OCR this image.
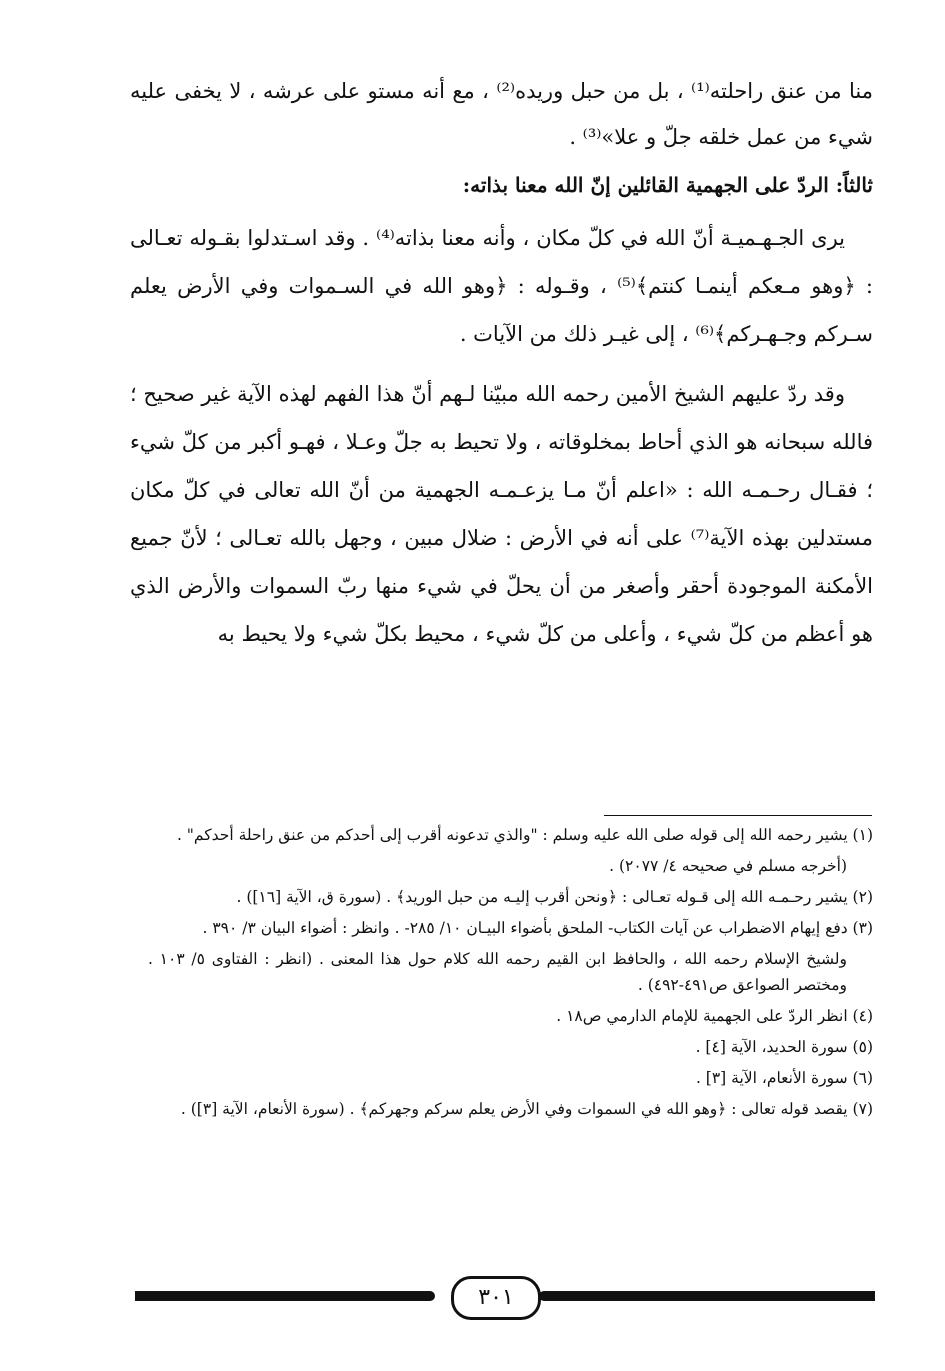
منا من عنق راحلته⁽¹⁾ ، بل من حبل وريده⁽²⁾ ، مع أنه مستو على عرشه ، لا يخفى عليه شيء من عمل خلقه جلّ و علا»⁽³⁾ .

ثالثاً: الردّ على الجهمية القائلين إنّ الله معنا بذاته:

يرى الجـهـميـة أنّ الله في كلّ مكان ، وأنه معنا بذاته⁽⁴⁾ . وقد اسـتدلوا بقـوله تعـالى : ﴿وهو مـعكم أينمـا كنتم﴾⁽⁵⁾ ، وقـوله : ﴿وهو الله في السـموات وفي الأرض يعلم سـركم وجـهـركم﴾⁽⁶⁾ ، إلى غيـر ذلك من الآيات .

وقد ردّ عليهم الشيخ الأمين رحمه الله مبيّنا لـهم أنّ هذا الفهم لهذه الآية غير صحيح ؛ فالله سبحانه هو الذي أحاط بمخلوقاته ، ولا تحيط به جلّ وعـلا ، فهـو أكبر من كلّ شيء ؛ فقـال رحـمـه الله : «اعلم أنّ مـا يزعـمـه الجهمية من أنّ الله تعالى في كلّ مكان مستدلين بهذه الآية⁽⁷⁾ على أنه في الأرض : ضلال مبين ، وجهل بالله تعـالى ؛ لأنّ جميع الأمكنة الموجودة أحقر وأصغر من أن يحلّ في شيء منها ربّ السموات والأرض الذي هو أعظم من كلّ شيء ، وأعلى من كلّ شيء ، محيط بكلّ شيء ولا يحيط به

(١) يشير رحمه الله إلى قوله صلى الله عليه وسلم : "والذي تدعونه أقرب إلى أحدكم من عنق راحلة أحدكم" .

(أخرجه مسلم في صحيحه ٤/ ٢٠٧٧) .

(٢) يشير رحـمـه الله إلى قـوله تعـالى : ﴿ونحن أقرب إليـه من حبل الوريد﴾ . (سورة ق، الآية [١٦]) .

(٣) دفع إيهام الاضطراب عن آيات الكتاب- الملحق بأضواء البيـان ١٠/ ٢٨٥- . وانظر : أضواء البيان ٣/ ٣٩٠ .

ولشيخ الإسلام رحمه الله ، والحافظ ابن القيم رحمه الله كلام حول هذا المعنى . (انظر : الفتاوى ٥/ ١٠٣ . ومختصر الصواعق ص٤٩١-٤٩٢) .

(٤) انظر الردّ على الجهمية للإمام الدارمي ص١٨ .

(٥) سورة الحديد، الآية [٤] .

(٦) سورة الأنعام، الآية [٣] .

(٧) يقصد قوله تعالى : ﴿وهو الله في السموات وفي الأرض يعلم سركم وجهركم﴾ . (سورة الأنعام، الآية [٣]) .

٣٠١
